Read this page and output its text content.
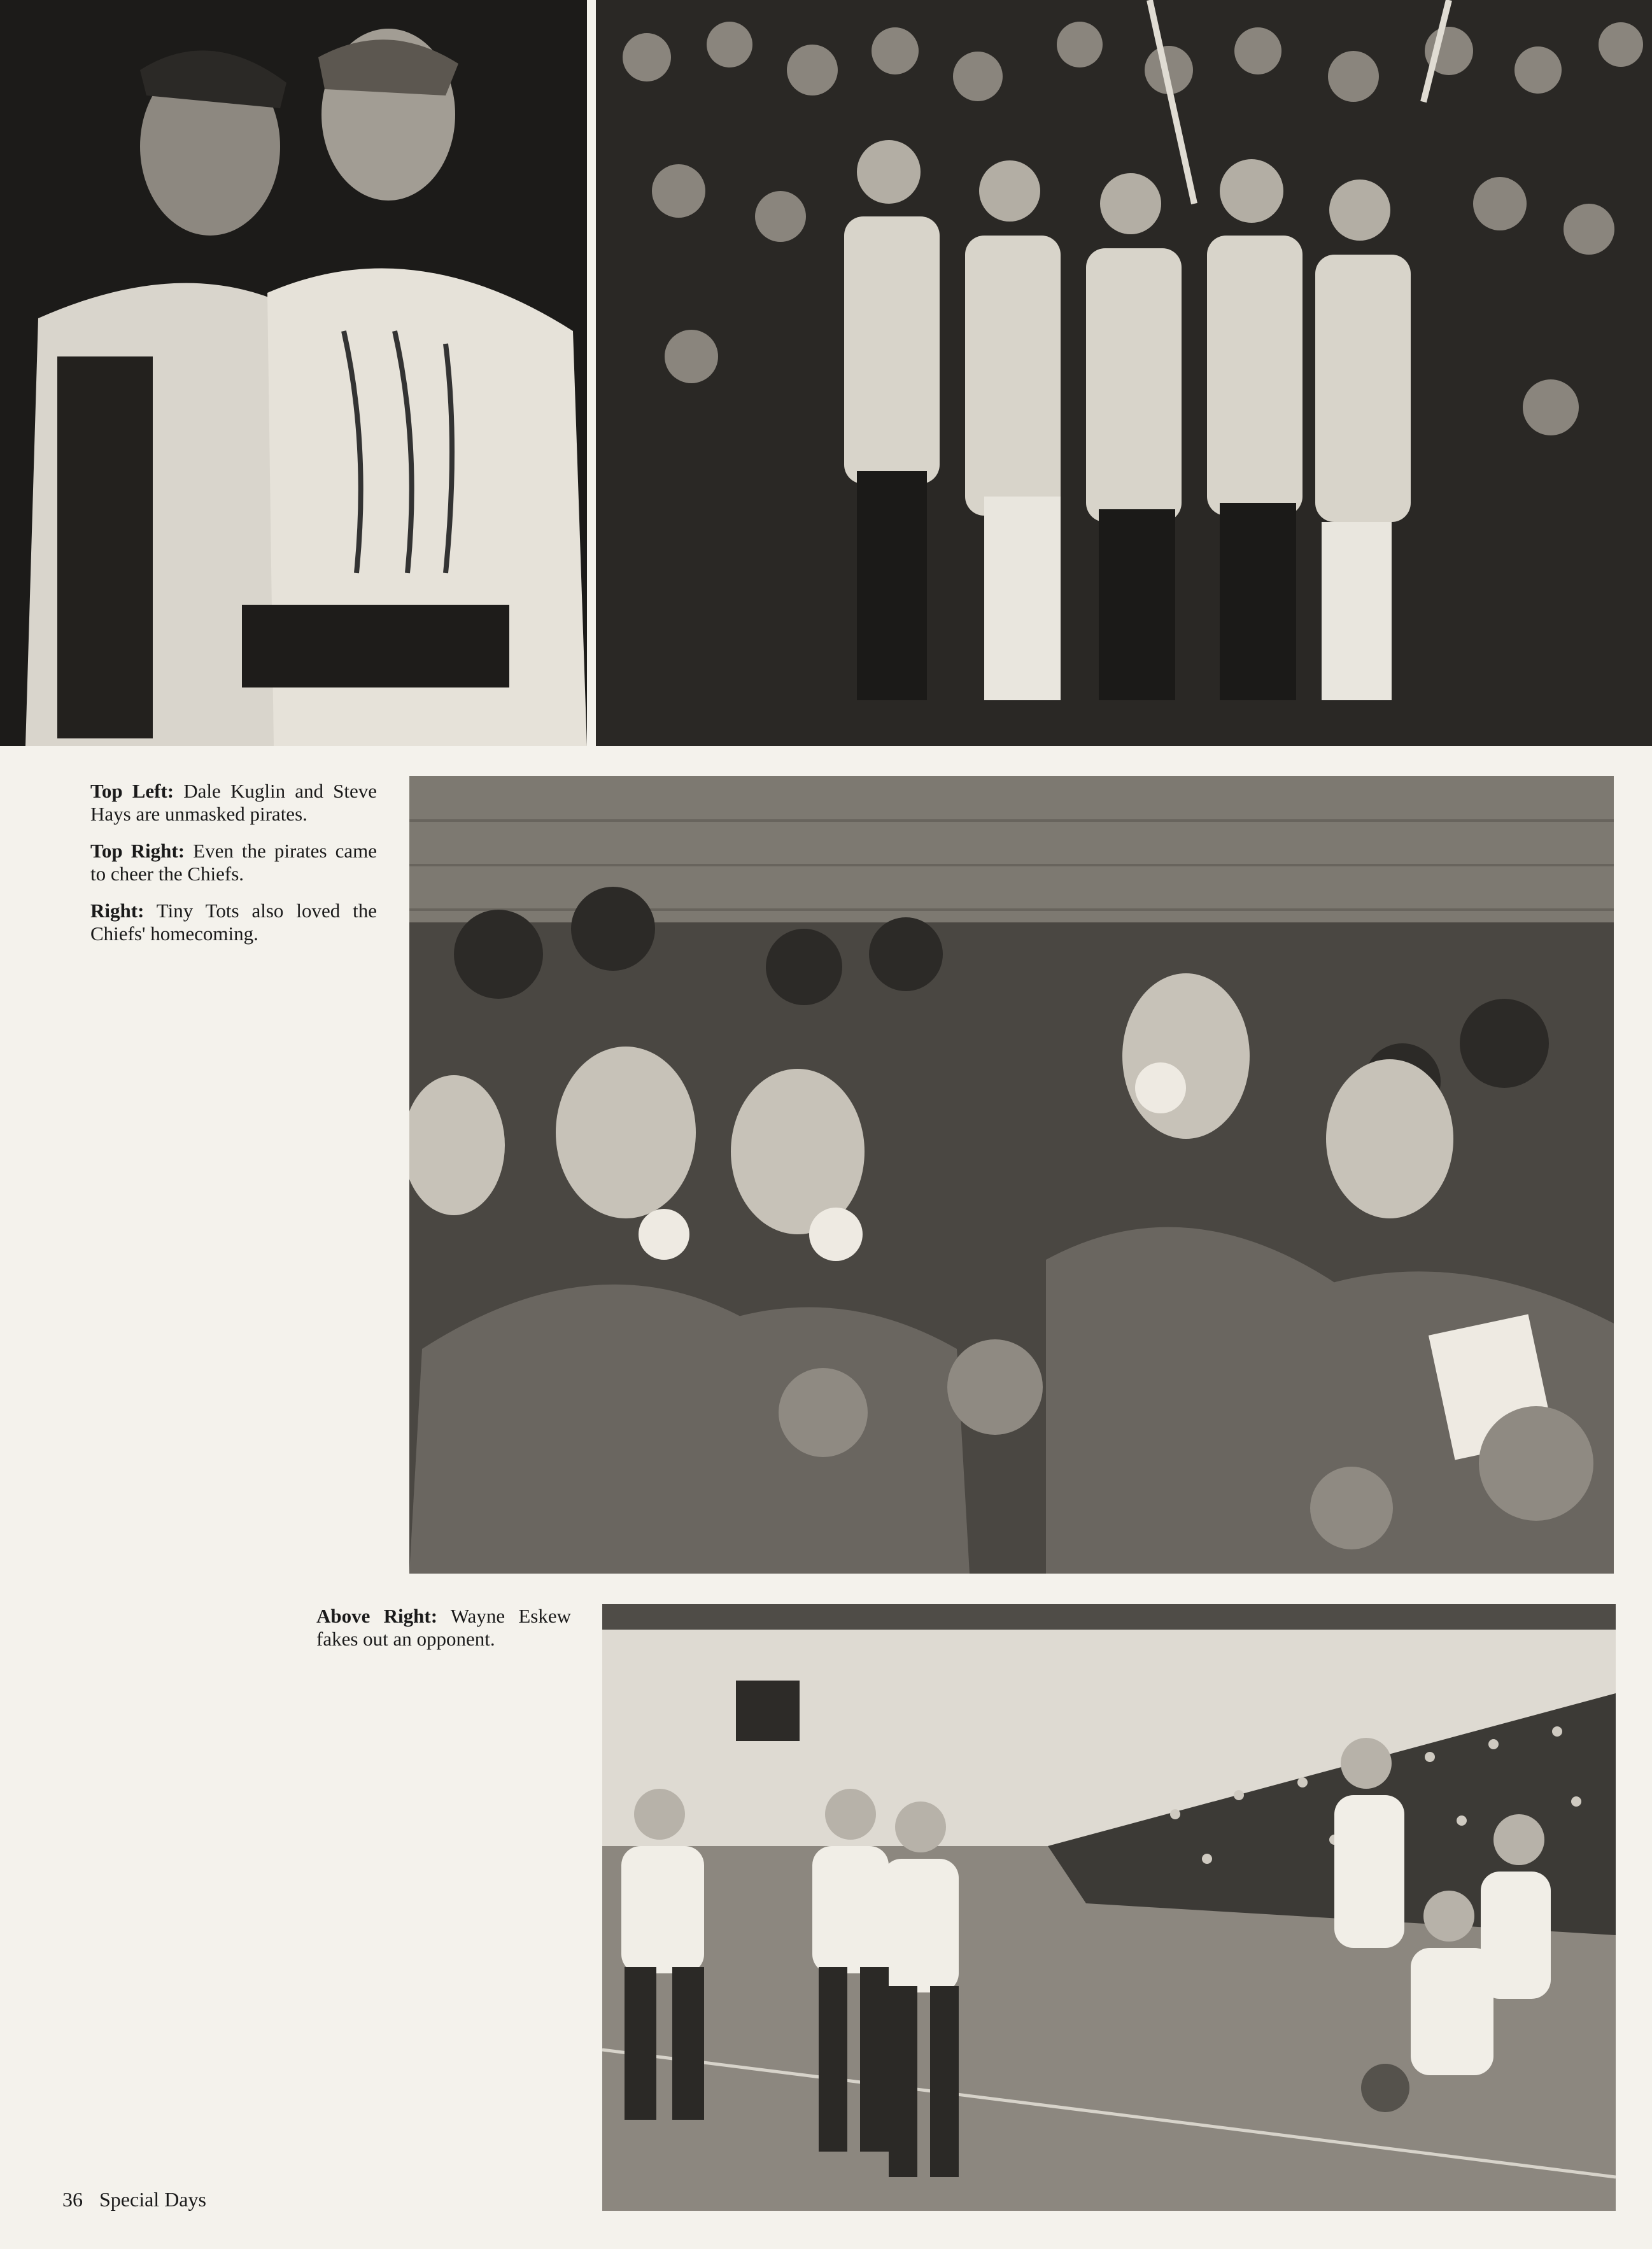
Top Left: Dale Kuglin and Steve Hays are unmasked pirates.

Top Right: Even the pirates came to cheer the Chiefs.

Right: Tiny Tots also loved the Chiefs' homecoming.

Above Right: Wayne Eskew fakes out an opponent.

36 Special Days
